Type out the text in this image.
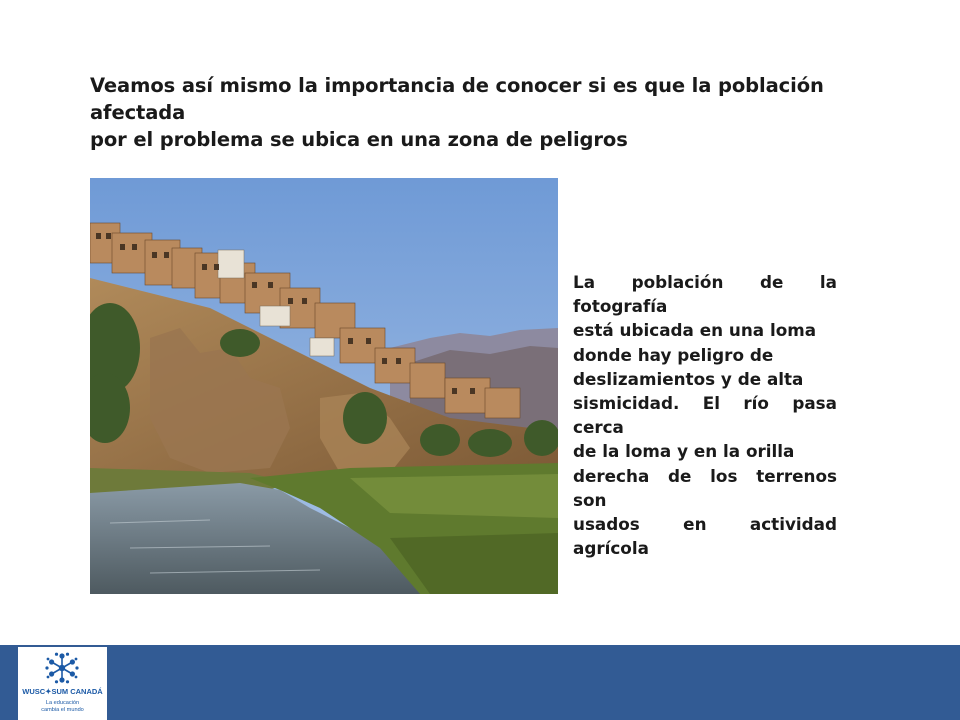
Veamos así mismo la importancia de conocer si es que la población afectada
por el problema se ubica en una zona de peligros
La población de la fotografía
está ubicada en una loma
donde hay peligro de
deslizamientos y de alta
sismicidad. El río pasa cerca
de la loma y en la orilla
derecha de los terrenos son
usados en actividad agrícola
WUSC✦SUM CANADÁ
La educación
cambia el mundo
